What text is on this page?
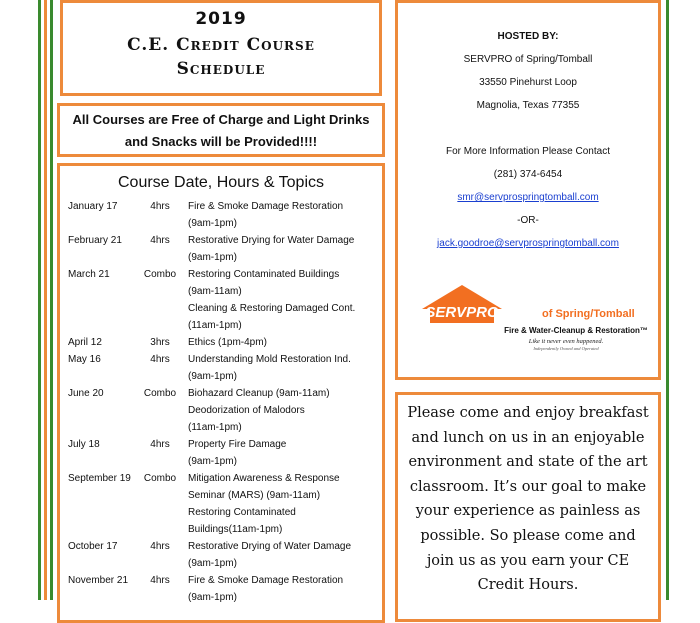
2019
C.E. Credit Course
Schedule
All Courses are Free of Charge and Light Drinks
and Snacks will be Provided!!!!
Course Date, Hours & Topics
January 17	4hrs	Fire & Smoke Damage Restoration
(9am-1pm)
February 21	4hrs	Restorative Drying for Water Damage
(9am-1pm)
March 21	Combo	Restoring Contaminated Buildings
(9am-11am)
Cleaning & Restoring Damaged Cont.
(11am-1pm)
April 12	3hrs	Ethics (1pm-4pm)
May 16	4hrs	Understanding Mold Restoration Ind.
(9am-1pm)
June 20	Combo	Biohazard Cleanup (9am-11am)
Deodorization of Malodors
(11am-1pm)
July 18	4hrs	Property Fire Damage
(9am-1pm)
September 19	Combo	Mitigation Awareness & Response
Seminar (MARS) (9am-11am)
Restoring Contaminated
Buildings(11am-1pm)
October 17	4hrs	Restorative Drying of Water Damage
(9am-1pm)
November 21	4hrs	Fire & Smoke Damage Restoration
(9am-1pm)
HOSTED BY:
SERVPRO of Spring/Tomball
33550 Pinehurst Loop
Magnolia, Texas 77355
For More Information Please Contact
(281) 374-6454
smr@servprospringtomball.com
-OR-
jack.goodroe@servprospringtomball.com
SERVPRO	of Spring/Tomball
Fire & Water-Cleanup & Restoration™
Like it never even happened.
Independently Owned and Operated
Please come and enjoy breakfast and lunch on us in an enjoyable environment and state of the art classroom. It’s our goal to make your experience as painless as possible. So please come and join us as you earn your CE Credit Hours.
